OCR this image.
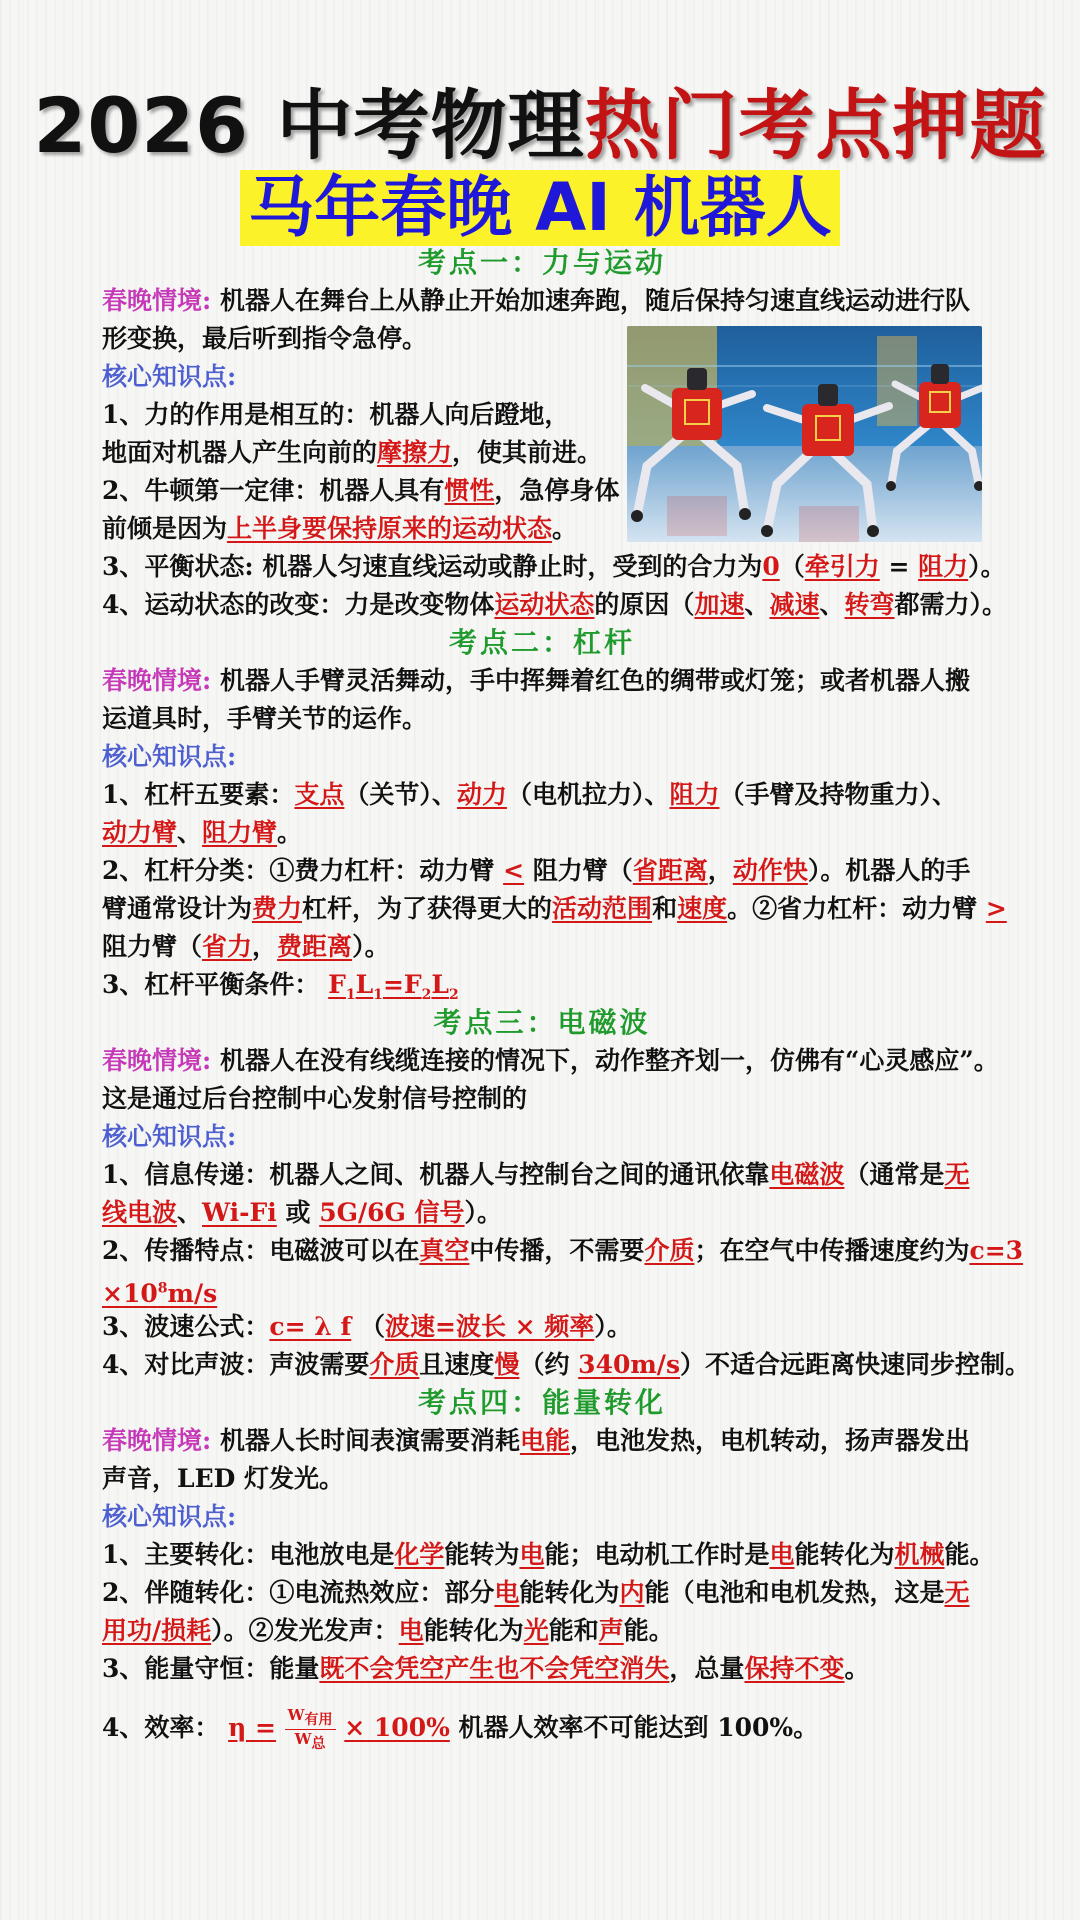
2026 中考物理热门考点押题
马年春晚 AI 机器人
考点一：力与运动
春晚情境: 机器人在舞台上从静止开始加速奔跑，随后保持匀速直线运动进行队
形变换，最后听到指令急停。
核心知识点:
1、力的作用是相互的：机器人向后蹬地，
地面对机器人产生向前的摩擦力，使其前进。
2、牛顿第一定律：机器人具有惯性，急停身体
前倾是因为上半身要保持原来的运动状态。
3、平衡状态: 机器人匀速直线运动或静止时，受到的合力为0（牵引力 = 阻力）。
4、运动状态的改变：力是改变物体运动状态的原因（加速、减速、转弯都需力）。
考点二：杠杆
春晚情境: 机器人手臂灵活舞动，手中挥舞着红色的绸带或灯笼；或者机器人搬
运道具时，手臂关节的运作。
核心知识点:
1、杠杆五要素：支点（关节）、动力（电机拉力）、阻力（手臂及持物重力）、
动力臂、阻力臂。
2、杠杆分类：①费力杠杆：动力臂 < 阻力臂（省距离，动作快）。机器人的手
臂通常设计为费力杠杆，为了获得更大的活动范围和速度。②省力杠杆：动力臂 >
阻力臂（省力，费距离）。
3、杠杆平衡条件： $F_1L_1=F_2L_2$
考点三：电磁波
春晚情境: 机器人在没有线缆连接的情况下，动作整齐划一，仿佛有“心灵感应”。
这是通过后台控制中心发射信号控制的
核心知识点:
1、信息传递：机器人之间、机器人与控制台之间的通讯依靠电磁波（通常是无
线电波、Wi-Fi 或 5G/6G 信号）。
2、传播特点：电磁波可以在真空中传播，不需要介质；在空气中传播速度约为c=3
$\times 10^8m/s$
3、波速公式：c= λ f （波速=波长 × 频率）。
4、对比声波：声波需要介质且速度慢（约 340m/s）不适合远距离快速同步控制。
考点四：能量转化
春晚情境: 机器人长时间表演需要消耗电能，电池发热，电机转动，扬声器发出
声音，LED 灯发光。
核心知识点:
1、主要转化：电池放电是化学能转为电能；电动机工作时是电能转化为机械能。
2、伴随转化：①电流热效应：部分电能转化为内能（电池和电机发热，这是无
用功/损耗）。②发光发声：电能转化为光能和声能。
3、能量守恒：能量既不会凭空产生也不会凭空消失，总量保持不变。
4、效率： $\eta = \frac{W_{有用}}{W_总} \times 100\%$ 机器人效率不可能达到 100%。
